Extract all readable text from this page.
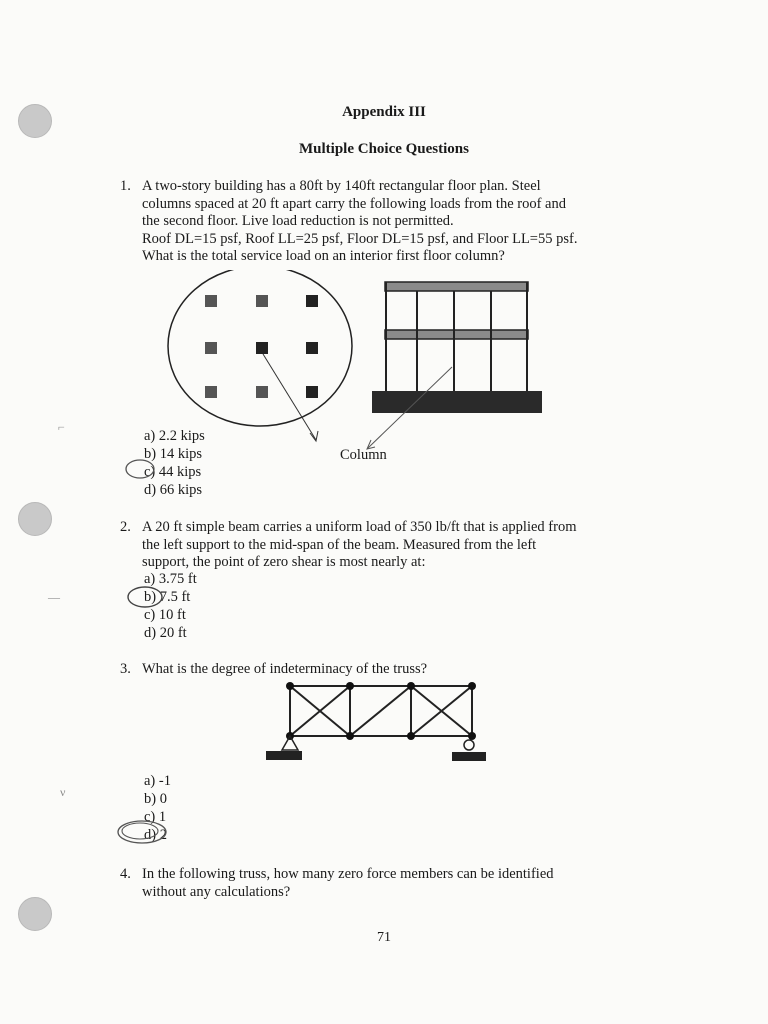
⌐
—
ν
Appendix III
Multiple Choice Questions
1. A two-story building has a 80ft by 140ft rectangular floor plan. Steel
columns spaced at 20 ft apart carry the following loads from the roof and
the second floor. Live load reduction is not permitted.
Roof DL=15 psf, Roof LL=25 psf, Floor DL=15 psf, and Floor LL=55 psf.
What is the total service load on an interior first floor column?
Column
a) 2.2 kips
b) 14 kips
c) 44 kips
d) 66 kips
2. A 20 ft simple beam carries a uniform load of 350 lb/ft that is applied from
the left support to the mid-span of the beam. Measured from the left
support, the point of zero shear is most nearly at:
a) 3.75 ft
b) 7.5 ft
c) 10 ft
d) 20 ft
3. What is the degree of indeterminacy of the truss?
a) -1
b) 0
c) 1
d) 2
4. In the following truss, how many zero force members can be identified
without any calculations?
71
